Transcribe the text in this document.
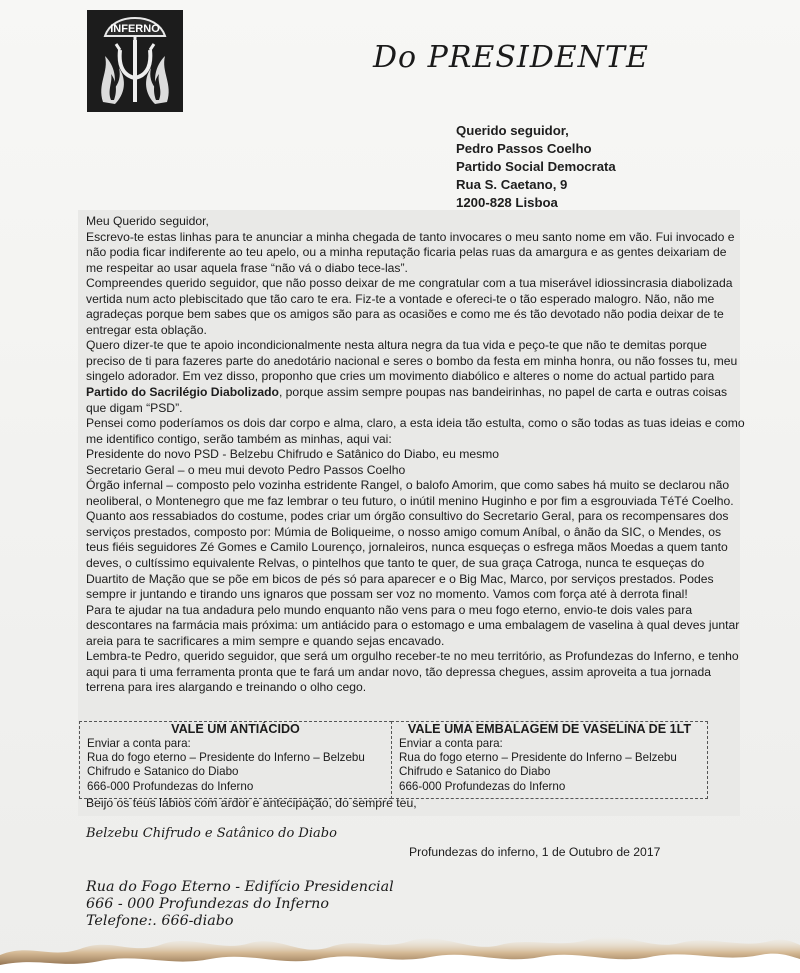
INFERNO
Do PRESIDENTE
Querido seguidor,
Pedro Passos Coelho
Partido Social Democrata
Rua S. Caetano, 9
1200-828 Lisboa

Meu Querido seguidor,

Escrevo-te estas linhas para te anunciar a minha chegada de tanto invocares o meu santo nome em vão. Fui invocado e não podia ficar indiferente ao teu apelo, ou a minha reputação ficaria pelas ruas da amargura e as gentes deixariam de me respeitar ao usar aquela frase “não vá o diabo tece-las”.

Compreendes querido seguidor, que não posso deixar de me congratular com a tua miserável idiossincrasia diabolizada vertida num acto plebiscitado que tão caro te era. Fiz-te a vontade e ofereci-te o tão esperado malogro. Não, não me agradeças porque bem sabes que os amigos são para as ocasiões e como me és tão devotado não podia deixar de te entregar esta oblação.

Quero dizer-te que te apoio incondicionalmente nesta altura negra da tua vida e peço-te que não te demitas porque preciso de ti para fazeres parte do anedotário nacional e seres o bombo da festa em minha honra, ou não fosses tu, meu singelo adorador. Em vez disso, proponho que cries um movimento diabólico e alteres o nome do actual partido para Partido do Sacrilégio Diabolizado, porque assim sempre poupas nas bandeirinhas, no papel de carta e outras coisas que digam “PSD”.

Pensei como poderíamos os dois dar corpo e alma, claro, a esta ideia tão estulta, como o são todas as tuas ideias e como me identifico contigo, serão também as minhas, aqui vai:

Presidente do novo PSD - Belzebu Chifrudo e Satânico do Diabo, eu mesmo

Secretario Geral – o meu mui devoto Pedro Passos Coelho

Órgão infernal – composto pelo vozinha estridente Rangel, o balofo Amorim, que como sabes há muito se declarou não neoliberal, o Montenegro que me faz lembrar o teu futuro, o inútil menino Huginho e por fim a esgrouviada TéTé Coelho.

Quanto aos ressabiados do costume, podes criar um órgão consultivo do Secretario Geral, para os recompensares dos serviços prestados, composto por: Múmia de Boliqueime, o nosso amigo comum Aníbal, o ânão da SIC, o Mendes, os teus fiéis seguidores Zé Gomes e Camilo Lourenço, jornaleiros, nunca esqueças o esfrega mãos Moedas a quem tanto deves, o cultíssimo equivalente Relvas, o pintelhos que tanto te quer, de sua graça Catroga, nunca te esqueças do Duartito de Mação que se põe em bicos de pés só para aparecer e o Big Mac, Marco, por serviços prestados. Podes sempre ir juntando e tirando uns ignaros que possam ser voz no momento. Vamos com força até à derrota final!

Para te ajudar na tua andadura pelo mundo enquanto não vens para o meu fogo eterno, envio-te dois vales para descontares na farmácia mais próxima: um antiácido para o estomago e uma embalagem de vaselina à qual deves juntar areia para te sacrificares a mim sempre e quando sejas encavado.

Lembra-te Pedro, querido seguidor, que será um orgulho receber-te no meu território, as Profundezas do Inferno, e tenho aqui para ti uma ferramenta pronta que te fará um andar novo, tão depressa chegues, assim aproveita a tua jornada terrena para ires alargando e treinando o olho cego.

VALE UM ANTIÁCIDO
Enviar a conta para:
Rua do fogo eterno – Presidente do Inferno – Belzebu
Chifrudo e Satanico do Diabo
666-000 Profundezas do Inferno
VALE UMA EMBALAGEM DE VASELINA DE 1LT
Enviar a conta para:
Rua do fogo eterno – Presidente do Inferno – Belzebu
Chifrudo e Satanico do Diabo
666-000 Profundezas do Inferno
Beijo os teus lábios com ardor e antecipação, do sempre teu,
Belzebu Chifrudo e Satânico do Diabo
Profundezas do inferno, 1 de Outubro de 2017
Rua do Fogo Eterno - Edifício Presidencial
666 - 000 Profundezas do Inferno
Telefone:. 666-diabo
